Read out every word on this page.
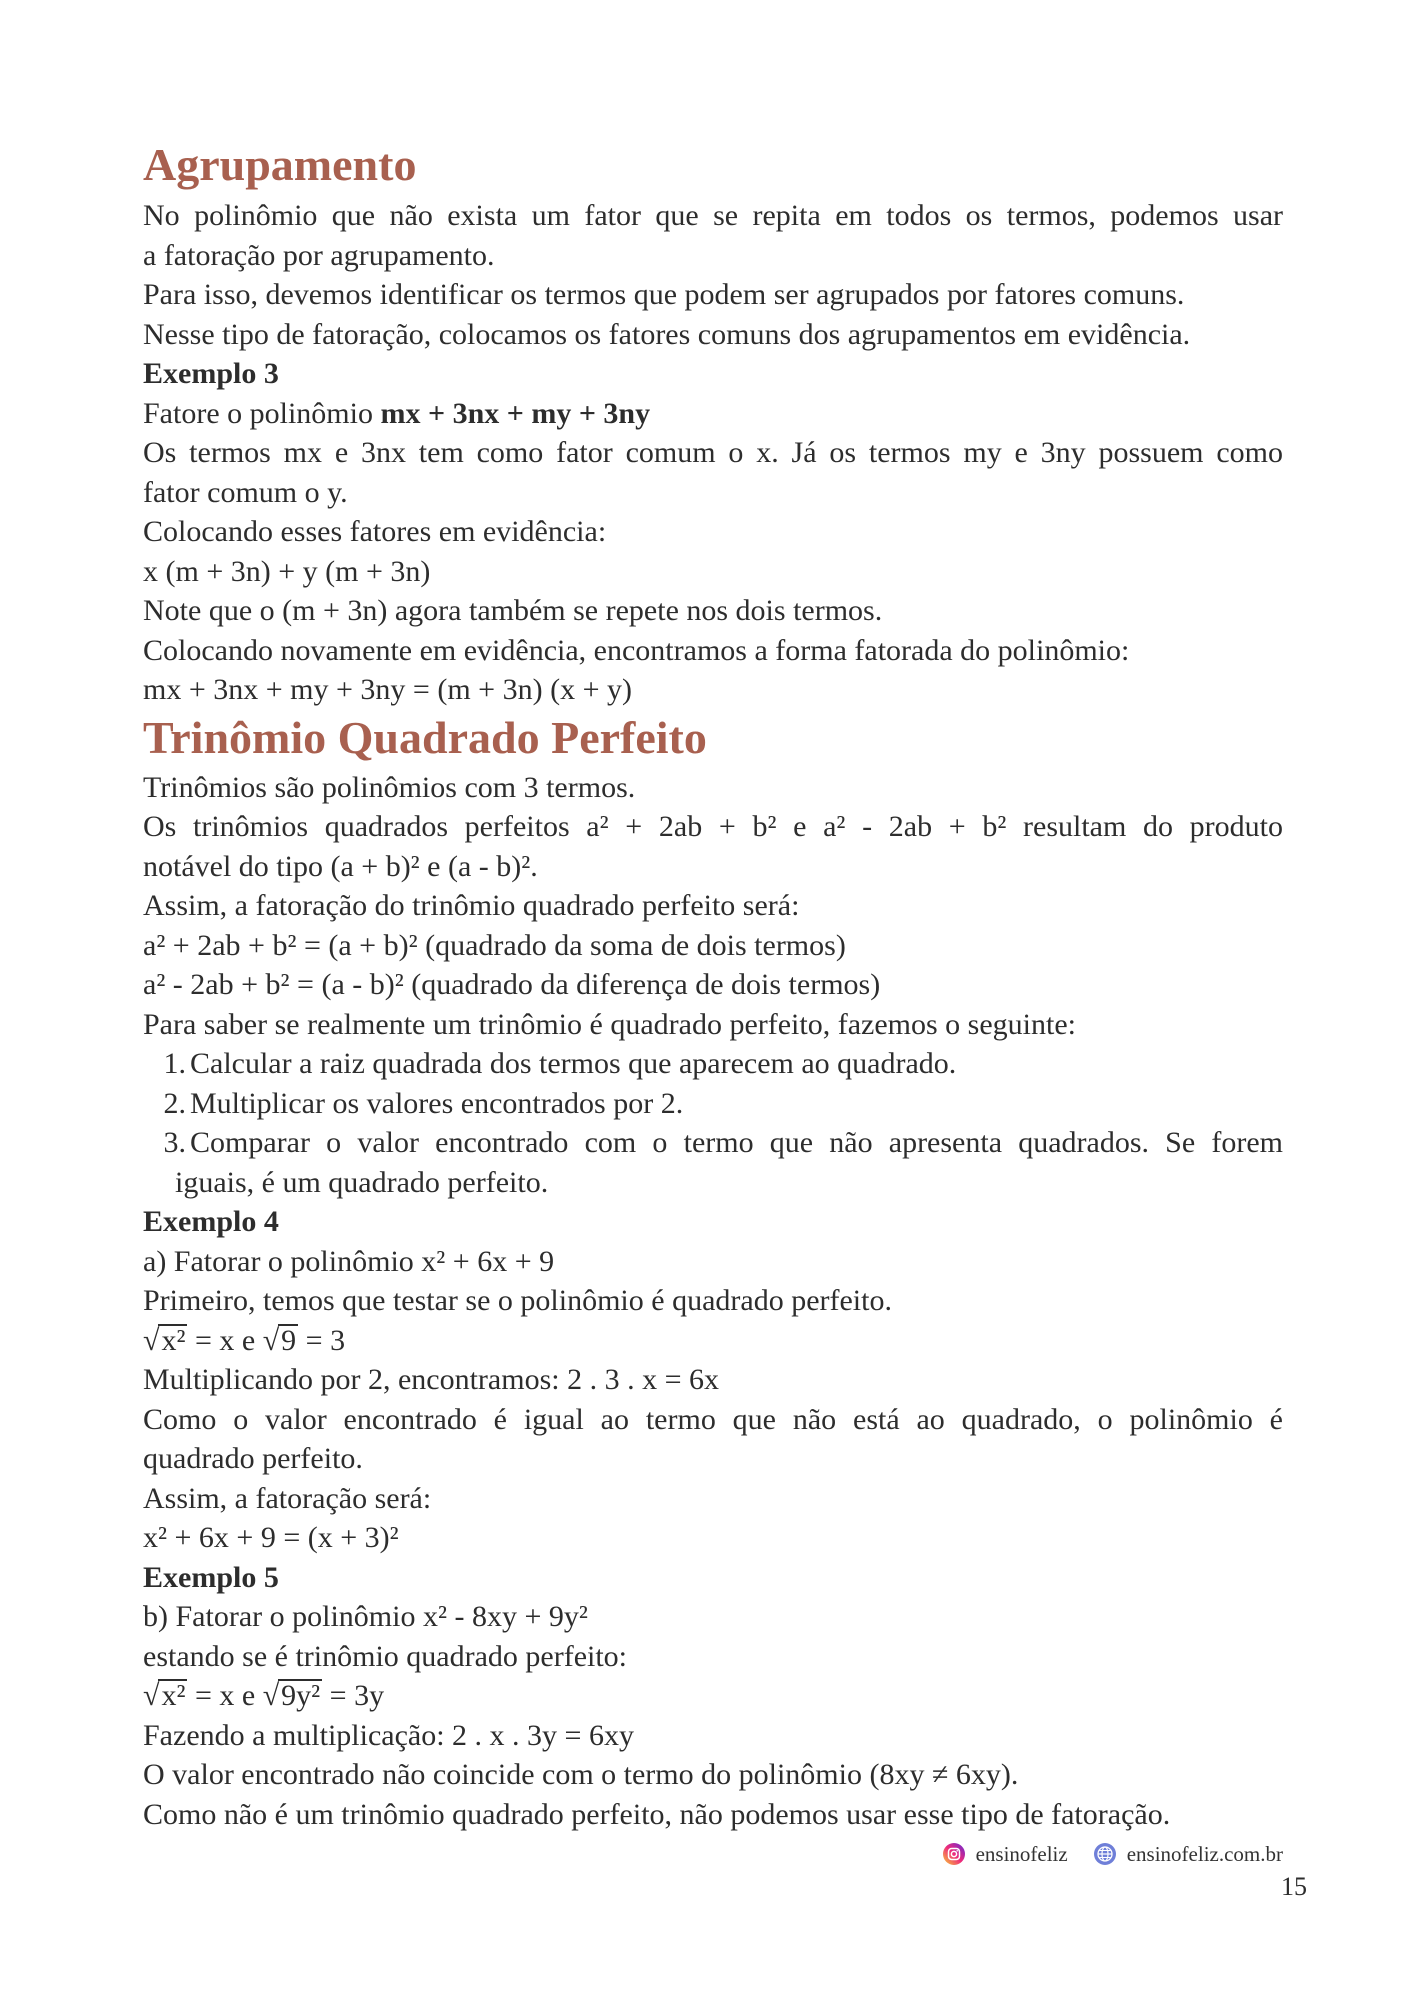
Agrupamento
No polinômio que não exista um fator que se repita em todos os termos, podemos usar
a fatoração por agrupamento.
Para isso, devemos identificar os termos que podem ser agrupados por fatores comuns.
Nesse tipo de fatoração, colocamos os fatores comuns dos agrupamentos em evidência.
Exemplo 3
Fatore o polinômio mx + 3nx + my + 3ny
Os termos mx e 3nx tem como fator comum o x. Já os termos my e 3ny possuem como
fator comum o y.
Colocando esses fatores em evidência:
x (m + 3n) + y (m + 3n)
Note que o (m + 3n) agora também se repete nos dois termos.
Colocando novamente em evidência, encontramos a forma fatorada do polinômio:
mx + 3nx + my + 3ny = (m + 3n) (x + y)
Trinômio Quadrado Perfeito
Trinômios são polinômios com 3 termos.
Os trinômios quadrados perfeitos a² + 2ab + b² e a² - 2ab + b² resultam do produto
notável do tipo (a + b)² e (a - b)².
Assim, a fatoração do trinômio quadrado perfeito será:
a² + 2ab + b² = (a + b)² (quadrado da soma de dois termos)
a² - 2ab + b² = (a - b)² (quadrado da diferença de dois termos)
Para saber se realmente um trinômio é quadrado perfeito, fazemos o seguinte:
1. Calcular a raiz quadrada dos termos que aparecem ao quadrado.
2. Multiplicar os valores encontrados por 2.
3. Comparar o valor encontrado com o termo que não apresenta quadrados. Se forem
iguais, é um quadrado perfeito.
Exemplo 4
a) Fatorar o polinômio x² + 6x + 9
Primeiro, temos que testar se o polinômio é quadrado perfeito.
√x² = x e √9 = 3
Multiplicando por 2, encontramos: 2 . 3 . x = 6x
Como o valor encontrado é igual ao termo que não está ao quadrado, o polinômio é
quadrado perfeito.
Assim, a fatoração será:
x² + 6x + 9 = (x + 3)²
Exemplo 5
b) Fatorar o polinômio x² - 8xy + 9y²
estando se é trinômio quadrado perfeito:
√x² = x e √9y² = 3y
Fazendo a multiplicação: 2 . x . 3y = 6xy
O valor encontrado não coincide com o termo do polinômio (8xy ≠ 6xy).
Como não é um trinômio quadrado perfeito, não podemos usar esse tipo de fatoração.
ensinofeliz	ensinofeliz.com.br
15
